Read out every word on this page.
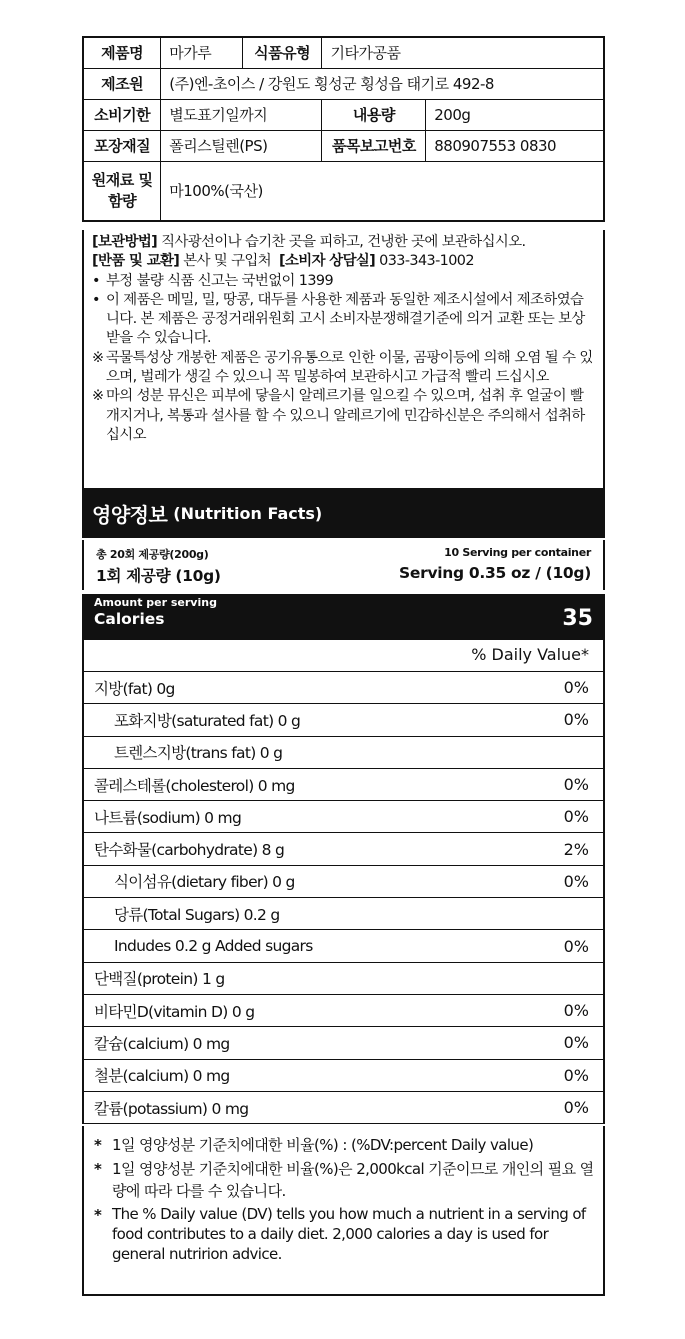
제품명	마가루	식품유형	기타가공품	
제조원	(주)엔-초이스 / 강원도 횡성군 횡성읍 태기로 492-8			
소비기한	별도표기일까지		내용량	200g
포장재질	폴리스틸렌(PS)		품목보고번호	880907553 0830
원재료 및 함량	마100%(국산)			
[보관방법] 직사광선이나 습기찬 곳을 피하고, 건냉한 곳에 보관하십시오.
[반품 및 교환] 본사 및 구입처 [소비자 상담실] 033-343-1002
• 부정 불량 식품 신고는 국번없이 1399
• 이 제품은 메밀, 밀, 땅콩, 대두를 사용한 제품과 동일한 제조시설에서 제조하였습니다. 본 제품은 공정거래위원회 고시 소비자분쟁해결기준에 의거 교환 또는 보상 받을 수 있습니다.
※ 곡물특성상 개봉한 제품은 공기유통으로 인한 이물, 곰팡이등에 의해 오염 될 수 있으며, 벌레가 생길 수 있으니 꼭 밀봉하여 보관하시고 가급적 빨리 드십시오
※ 마의 성분 뮤신은 피부에 닿을시 알레르기를 일으킬 수 있으며, 섭취 후 얼굴이 빨개지거나, 복통과 설사를 할 수 있으니 알레르기에 민감하신분은 주의해서 섭취하십시오
영양정보 (Nutrition Facts)
총 20회 제공량(200g)	10 Serving per container
1회 제공량 (10g)	Serving 0.35 oz / (10g)
Amount per serving
Calories	35
% Daily Value*
지방(fat) 0g	0%
포화지방(saturated fat) 0 g	0%
트렌스지방(trans fat) 0 g
콜레스테롤(cholesterol) 0 mg	0%
나트륨(sodium) 0 mg	0%
탄수화물(carbohydrate) 8 g	2%
식이섬유(dietary fiber) 0 g	0%
당류(Total Sugars) 0.2 g
Indudes 0.2 g Added sugars	0%
단백질(protein) 1 g
비타민D(vitamin D) 0 g	0%
칼슘(calcium) 0 mg	0%
철분(calcium) 0 mg	0%
칼륨(potassium) 0 mg	0%
* 1일 영양성분 기준치에대한 비율(%) : (%DV:percent Daily value)
* 1일 영양성분 기준치에대한 비율(%)은 2,000kcal 기준이므로 개인의 필요 열량에 따라 다를 수 있습니다.
* The % Daily value (DV) tells you how much a nutrient in a serving of food contributes to a daily diet. 2,000 calories a day is used for general nutririon advice.
